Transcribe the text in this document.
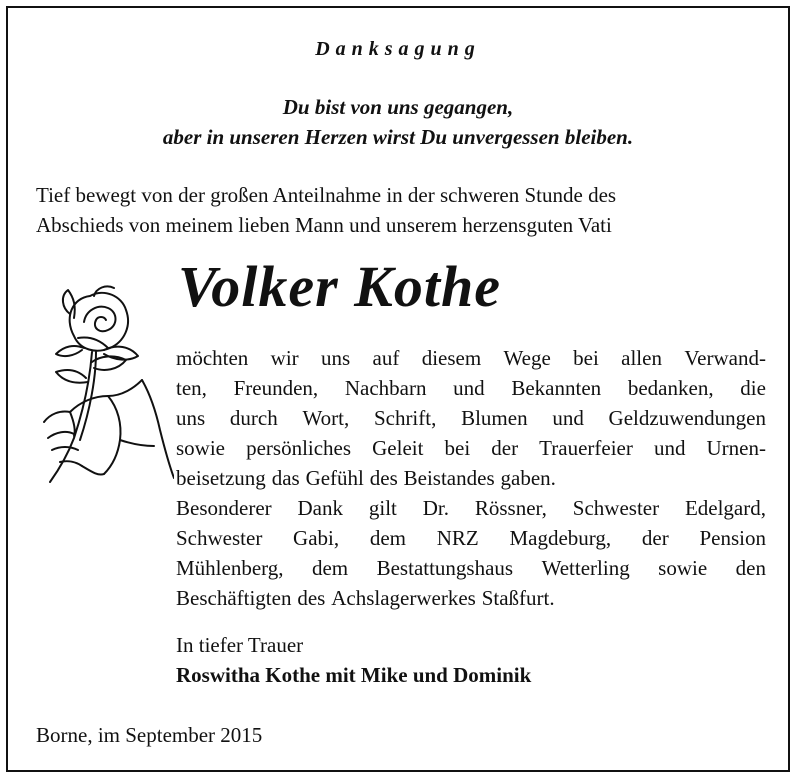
Danksagung
Du bist von uns gegangen,
aber in unseren Herzen wirst Du unvergessen bleiben.
Tief bewegt von der großen Anteilnahme in der schweren Stunde des
Abschieds von meinem lieben Mann und unserem herzensguten Vati
Volker Kothe
möchten wir uns auf diesem Wege bei allen Verwand-
ten, Freunden, Nachbarn und Bekannten bedanken, die
uns durch Wort, Schrift, Blumen und Geldzuwendungen
sowie persönliches Geleit bei der Trauerfeier und Urnen-
beisetzung das Gefühl des Beistandes gaben.
Besonderer Dank gilt Dr. Rössner, Schwester Edelgard,
Schwester Gabi, dem NRZ Magdeburg, der Pension
Mühlenberg, dem Bestattungshaus Wetterling sowie den
Beschäftigten des Achslagerwerkes Staßfurt.
In tiefer Trauer
Roswitha Kothe mit Mike und Dominik
Borne, im September 2015
